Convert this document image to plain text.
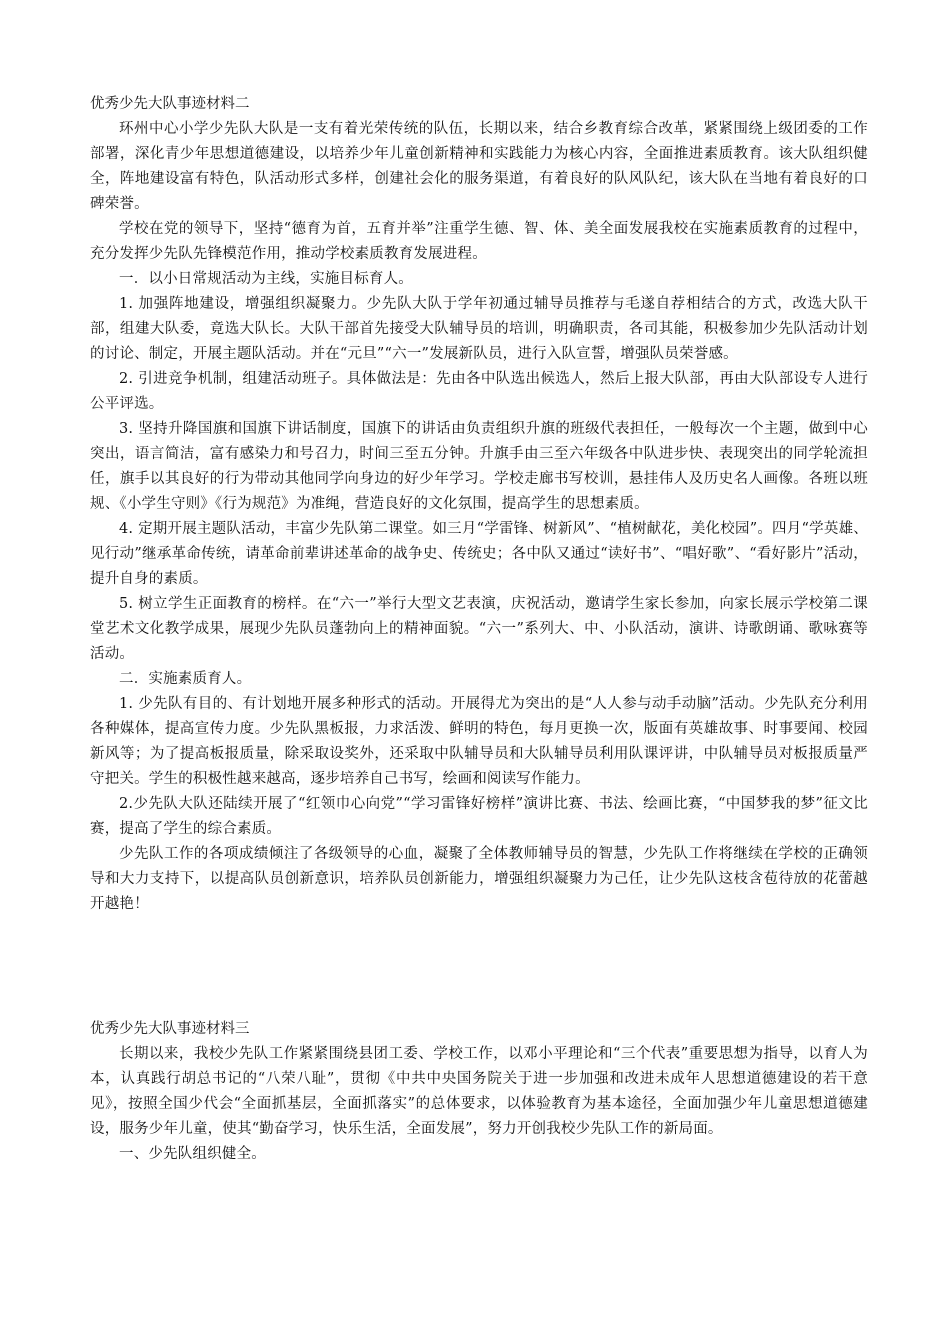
优秀少先大队事迹材料二

环州中心小学少先队大队是一支有着光荣传统的队伍，长期以来，结合乡教育综合改革，紧紧围绕上级团委的工作部署，深化青少年思想道德建设，以培养少年儿童创新精神和实践能力为核心内容，全面推进素质教育。该大队组织健全，阵地建设富有特色，队活动形式多样，创建社会化的服务渠道，有着良好的队风队纪，该大队在当地有着良好的口碑荣誉。

学校在党的领导下，坚持“德育为首，五育并举”注重学生德、智、体、美全面发展我校在实施素质教育的过程中，充分发挥少先队先锋模范作用，推动学校素质教育发展进程。

一．以小日常规活动为主线，实施目标育人。

1. 加强阵地建设，增强组织凝聚力。少先队大队于学年初通过辅导员推荐与毛遂自荐相结合的方式，改选大队干部，组建大队委，竟选大队长。大队干部首先接受大队辅导员的培训，明确职责，各司其能，积极参加少先队活动计划的讨论、制定，开展主题队活动。并在“元旦”“六一”发展新队员，进行入队宣誓，增强队员荣誉感。

2. 引进竞争机制，组建活动班子。具体做法是：先由各中队选出候选人，然后上报大队部，再由大队部设专人进行公平评选。

3. 坚持升降国旗和国旗下讲话制度，国旗下的讲话由负责组织升旗的班级代表担任，一般每次一个主题，做到中心突出，语言简洁，富有感染力和号召力，时间三至五分钟。升旗手由三至六年级各中队进步快、表现突出的同学轮流担任，旗手以其良好的行为带动其他同学向身边的好少年学习。学校走廊书写校训，悬挂伟人及历史名人画像。各班以班规、《小学生守则》《行为规范》为准绳，营造良好的文化氛围，提高学生的思想素质。

4. 定期开展主题队活动，丰富少先队第二课堂。如三月“学雷锋、树新风”、“植树献花，美化校园”。四月“学英雄、见行动”继承革命传统，请革命前辈讲述革命的战争史、传统史；各中队又通过“读好书”、“唱好歌”、“看好影片”活动，提升自身的素质。

5. 树立学生正面教育的榜样。在“六一”举行大型文艺表演，庆祝活动，邀请学生家长参加，向家长展示学校第二课堂艺术文化教学成果，展现少先队员蓬勃向上的精神面貌。“六一”系列大、中、小队活动，演讲、诗歌朗诵、歌咏赛等活动。

二．实施素质育人。

1. 少先队有目的、有计划地开展多种形式的活动。开展得尤为突出的是“人人参与动手动脑”活动。少先队充分利用各种媒体，提高宣传力度。少先队黑板报，力求活泼、鲜明的特色，每月更换一次，版面有英雄故事、时事要闻、校园新风等；为了提高板报质量，除采取设奖外，还采取中队辅导员和大队辅导员利用队课评讲，中队辅导员对板报质量严守把关。学生的积极性越来越高，逐步培养自己书写，绘画和阅读写作能力。

2.少先队大队还陆续开展了“红领巾心向党”“学习雷锋好榜样”演讲比赛、书法、绘画比赛，“中国梦我的梦”征文比赛，提高了学生的综合素质。

少先队工作的各项成绩倾注了各级领导的心血，凝聚了全体教师辅导员的智慧，少先队工作将继续在学校的正确领导和大力支持下，以提高队员创新意识，培养队员创新能力，增强组织凝聚力为己任，让少先队这枝含苞待放的花蕾越开越艳！

优秀少先大队事迹材料三

长期以来，我校少先队工作紧紧围绕县团工委、学校工作，以邓小平理论和“三个代表”重要思想为指导，以育人为本，认真践行胡总书记的“八荣八耻”，贯彻《中共中央国务院关于进一步加强和改进未成年人思想道德建设的若干意见》，按照全国少代会“全面抓基层，全面抓落实”的总体要求，以体验教育为基本途径，全面加强少年儿童思想道德建设，服务少年儿童，使其“勤奋学习，快乐生活，全面发展”，努力开创我校少先队工作的新局面。

一、少先队组织健全。
